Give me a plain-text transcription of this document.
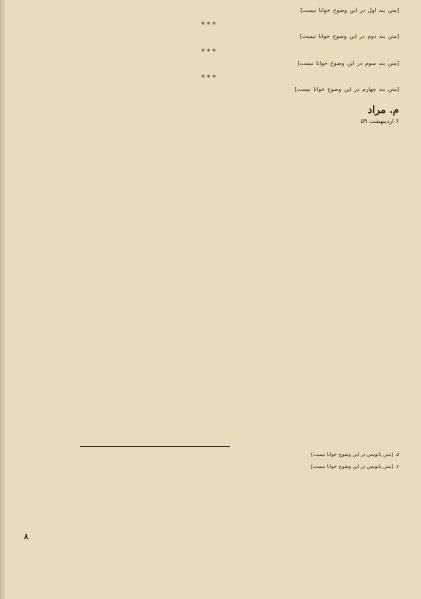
[متن بند اول در این وضوح خوانا نیست]

***

[متن بند دوم در این وضوح خوانا نیست]

***

[متن بند سوم در این وضوح خوانا نیست]

***

[متن بند چهارم در این وضوح خوانا نیست]

م. مراد
۶ اردیبهشت ۵۹

۵. [متن پانویس در این وضوح خوانا نیست]

۶. [متن پانویس در این وضوح خوانا نیست]

۸
